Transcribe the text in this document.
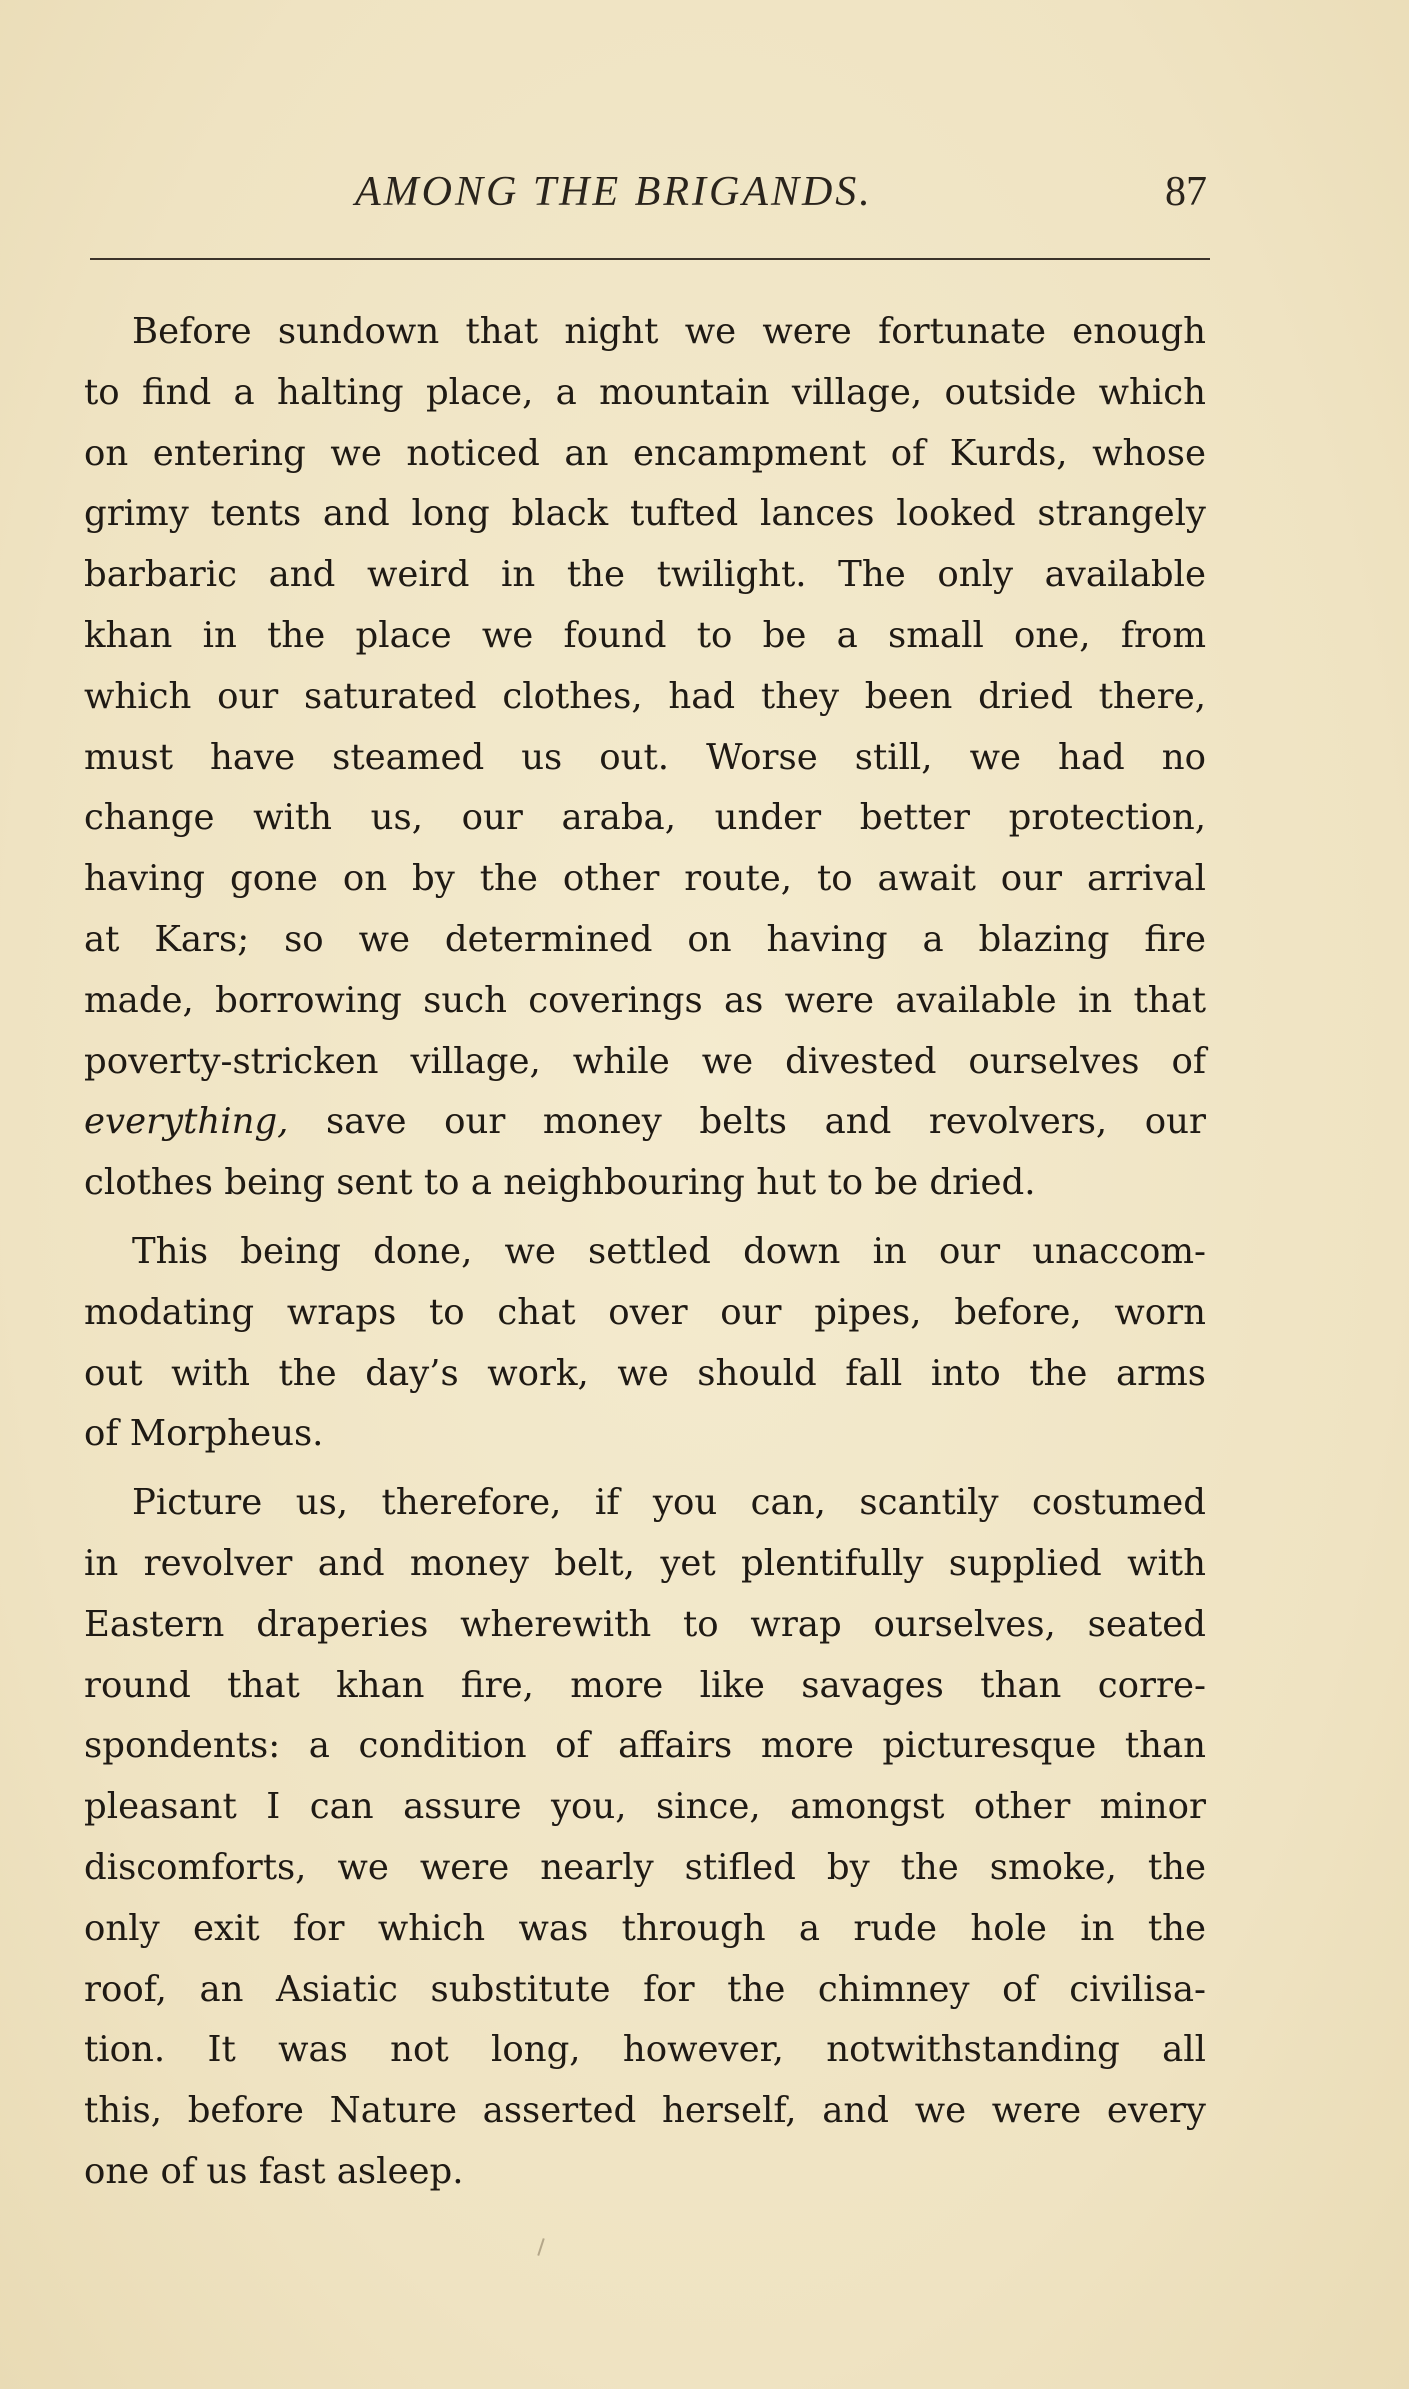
AMONG THE BRIGANDS.	87
Before sundown that night we were fortunate enough
to find a halting place, a mountain village, outside which
on entering we noticed an encampment of Kurds, whose
grimy tents and long black tufted lances looked strangely
barbaric and weird in the twilight. The only available
khan in the place we found to be a small one, from
which our saturated clothes, had they been dried there,
must have steamed us out. Worse still, we had no
change with us, our araba, under better protection,
having gone on by the other route, to await our arrival
at Kars; so we determined on having a blazing fire
made, borrowing such coverings as were available in that
poverty-stricken village, while we divested ourselves of
everything, save our money belts and revolvers, our
clothes being sent to a neighbouring hut to be dried.
This being done, we settled down in our unaccom-
modating wraps to chat over our pipes, before, worn
out with the day’s work, we should fall into the arms
of Morpheus.
Picture us, therefore, if you can, scantily costumed
in revolver and money belt, yet plentifully supplied with
Eastern draperies wherewith to wrap ourselves, seated
round that khan fire, more like savages than corre-
spondents: a condition of affairs more picturesque than
pleasant I can assure you, since, amongst other minor
discomforts, we were nearly stifled by the smoke, the
only exit for which was through a rude hole in the
roof, an Asiatic substitute for the chimney of civilisa-
tion. It was not long, however, notwithstanding all
this, before Nature asserted herself, and we were every
one of us fast asleep.
